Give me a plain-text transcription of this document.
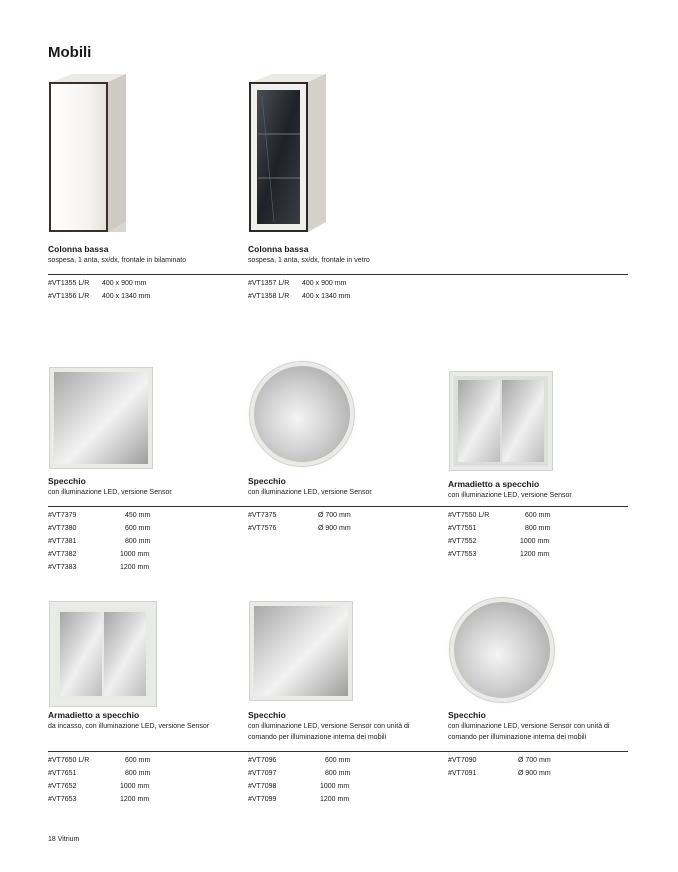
Mobili
Colonna bassa
sospesa, 1 anta, sx/dx, frontale in bilaminato
Colonna bassa
sospesa, 1 anta, sx/dx, frontale in vetro
#VT1355 L/R 400 x 900 mm
#VT1356 L/R 400 x 1340 mm
#VT1357 L/R 400 x 900 mm
#VT1358 L/R 400 x 1340 mm
Specchio
con illuminazione LED, versione Sensor
Specchio
con illuminazione LED, versione Sensor
Armadietto a specchio
con illuminazione LED, versione Sensor
#VT7379	450 mm
#VT7380	600 mm
#VT7381	800 mm
#VT7382	1000 mm
#VT7383	1200 mm
#VT7375	Ø 700 mm
#VT7576	Ø 900 mm
#VT7550 L/R	600 mm
#VT7551	800 mm
#VT7552	1000 mm
#VT7553	1200 mm
Armadietto a specchio
da incasso, con illuminazione LED, versione Sensor
Specchio
con illuminazione LED, versione Sensor con unità di
comando per illuminazione interna dei mobili
Specchio
con illuminazione LED, versione Sensor con unità di
comando per illuminazione interna dei mobili
#VT7650 L/R	600 mm
#VT7651	800 mm
#VT7652	1000 mm
#VT7653	1200 mm
#VT7096	600 mm
#VT7097	800 mm
#VT7098	1000 mm
#VT7099	1200 mm
#VT7090	Ø 700 mm
#VT7091	Ø 900 mm
18 Vitrium
